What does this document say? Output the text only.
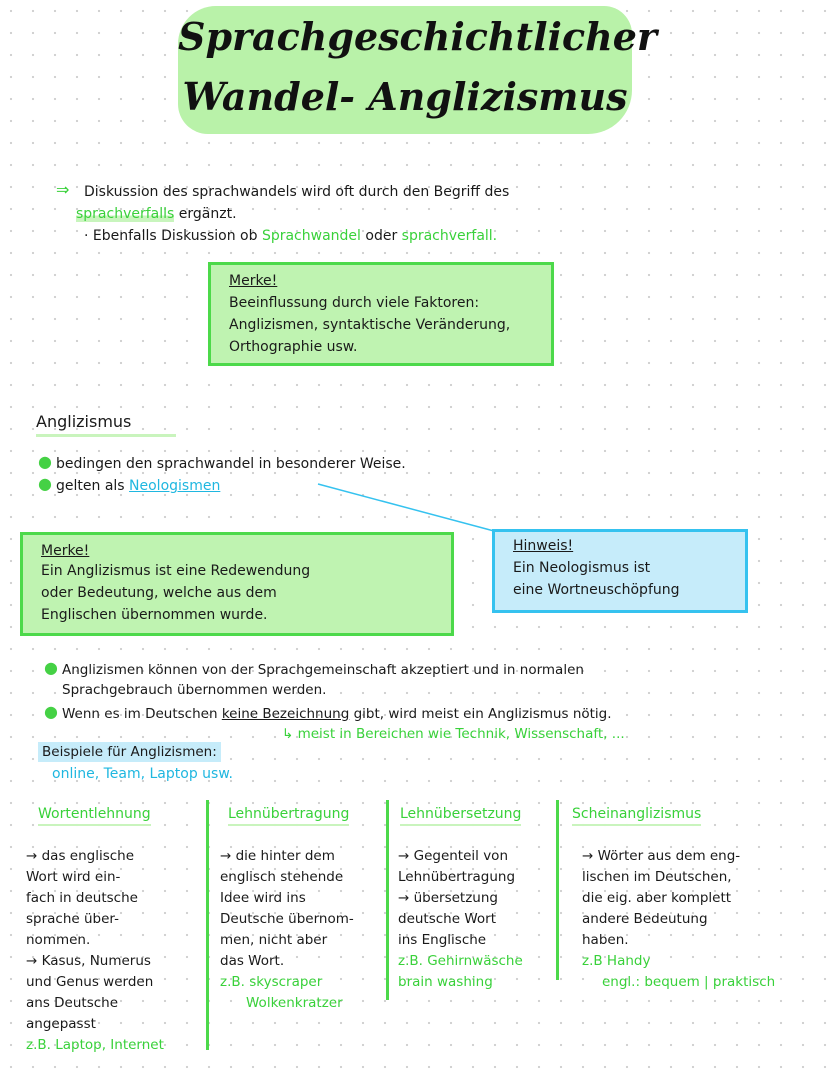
Sprachgeschichtlicher
Wandel- Anglizismus
⇒ Diskussion des sprachwandels wird oft durch den Begriff des
sprachverfalls ergänzt.
· Ebenfalls Diskussion ob Sprachwandel oder sprachverfall.
Merke!
Beeinflussung durch viele Faktoren:
Anglizismen, syntaktische Veränderung,
Orthographie usw.
Anglizismus
● bedingen den sprachwandel in besonderer Weise.
● gelten als Neologismen
Merke!
Ein Anglizismus ist eine Redewendung
oder Bedeutung, welche aus dem
Englischen übernommen wurde.
Hinweis!
Ein Neologismus ist
eine Wortneuschöpfung
● Anglizismen können von der Sprachgemeinschaft akzeptiert und in normalen
Sprachgebrauch übernommen werden.
● Wenn es im Deutschen keine Bezeichnung gibt, wird meist ein Anglizismus nötig.
↳ meist in Bereichen wie Technik, Wissenschaft, ...
Beispiele für Anglizismen:
online, Team, Laptop usw.
Wortentlehnung
→ das englische
Wort wird ein-
fach in deutsche
sprache über-
nommen.
→ Kasus, Numerus
und Genus werden
ans Deutsche
angepasst
z.B. Laptop, Internet
Lehnübertragung
→ die hinter dem
englisch stehende
Idee wird ins
Deutsche übernom-
men, nicht aber
das Wort.
z.B. skyscraper
Wolkenkratzer
Lehnübersetzung
→ Gegenteil von
Lehnübertragung
→ übersetzung
deutsche Wort
ins Englische
z.B. Gehirnwäsche
brain washing
Scheinanglizismus
→ Wörter aus dem eng-
lischen im Deutschen,
die eig. aber komplett
andere Bedeutung
haben.
z.B Handy
engl.: bequem | praktisch
